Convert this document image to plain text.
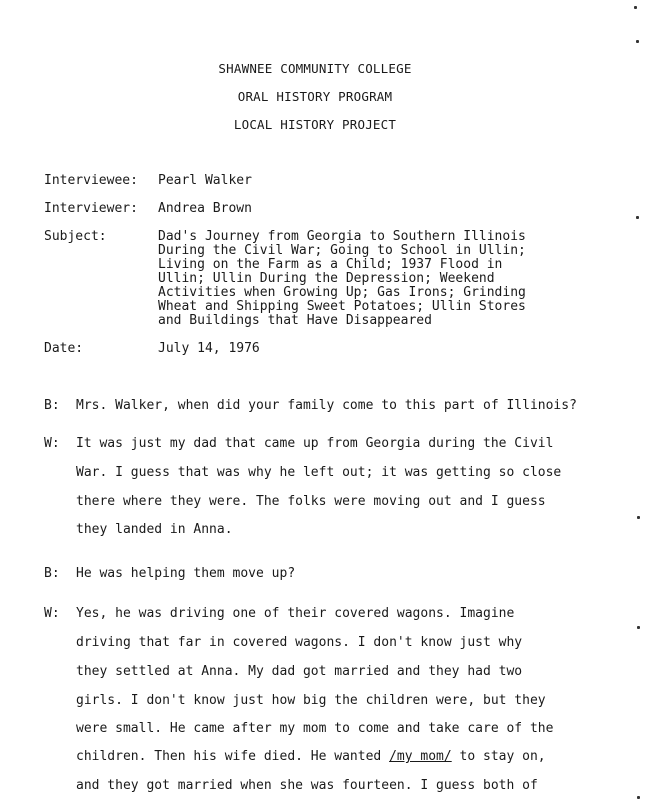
SHAWNEE COMMUNITY COLLEGE
ORAL HISTORY PROGRAM
LOCAL HISTORY PROJECT
Interviewee: Pearl Walker
Interviewer: Andrea Brown
Subject:	Dad's Journey from Georgia to Southern Illinois
During the Civil War; Going to School in Ullin;
Living on the Farm as a Child; 1937 Flood in
Ullin; Ullin During the Depression; Weekend
Activities when Growing Up; Gas Irons; Grinding
Wheat and Shipping Sweet Potatoes; Ullin Stores
and Buildings that Have Disappeared
Date:	July 14, 1976
B: Mrs. Walker, when did your family come to this part of Illinois?
W: It was just my dad that came up from Georgia during the Civil
War. I guess that was why he left out; it was getting so close
there where they were. The folks were moving out and I guess
they landed in Anna.
B: He was helping them move up?
W: Yes, he was driving one of their covered wagons. Imagine
driving that far in covered wagons. I don't know just why
they settled at Anna. My dad got married and they had two
girls. I don't know just how big the children were, but they
were small. He came after my mom to come and take care of the
children. Then his wife died. He wanted /my mom/ to stay on,
and they got married when she was fourteen. I guess both of
